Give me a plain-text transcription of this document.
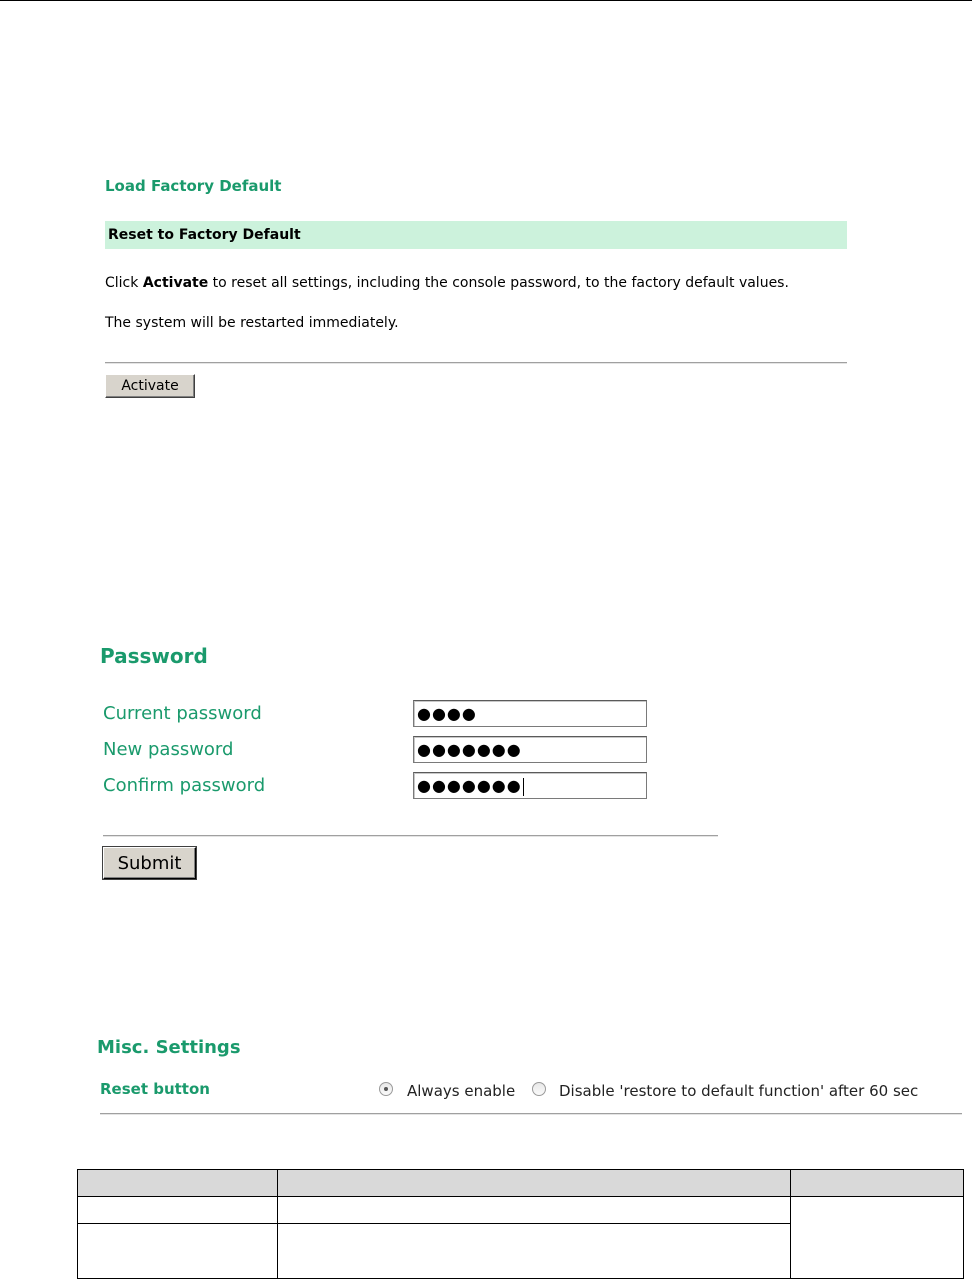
Load Factory Default
Reset to Factory Default
Click Activate to reset all settings, including the console password, to the factory default values.
The system will be restarted immediately.
Activate
Password
Current password	●●●●
New password	●●●●●●●
Confirm password	●●●●●●●
Submit
Misc. Settings
Reset button	Always enable	Disable 'restore to default function' after 60 sec
